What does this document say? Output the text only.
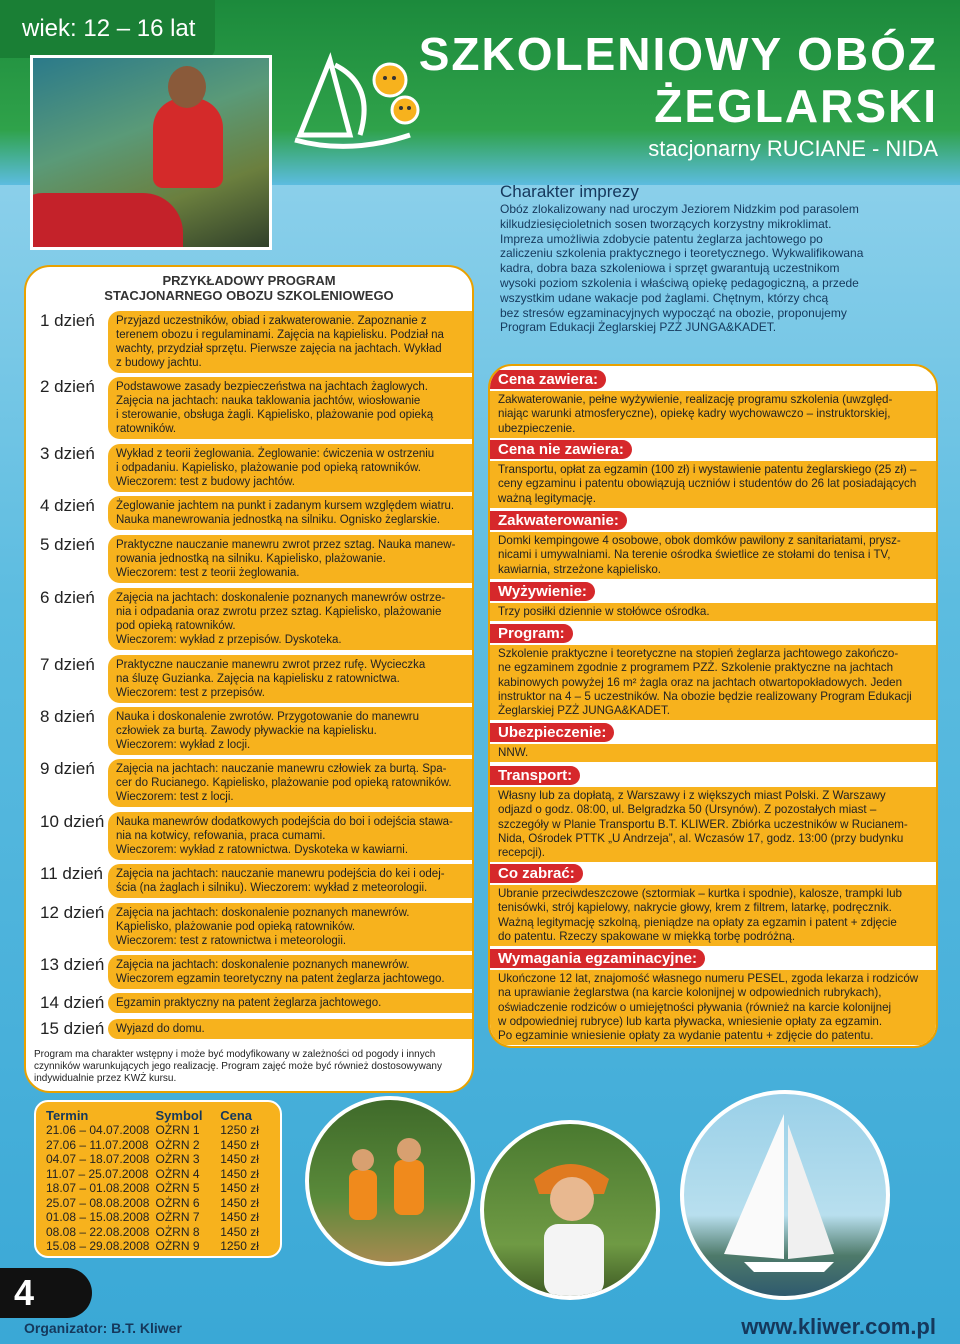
wiek: 12 – 16 lat	SZKOLENIOWY OBÓZ
ŻEGLARSKI
stacjonarny RUCIANE - NIDA
PRZYKŁADOWY PROGRAM
STACJONARNEGO OBOZU SZKOLENIOWEGO
1 dzień	Przyjazd uczestników, obiad i zakwaterowanie. Zapoznanie z
terenem obozu i regulaminami. Zajęcia na kąpielisku. Podział na
wachty, przydział sprzętu. Pierwsze zajęcia na jachtach. Wykład
z budowy jachtu.
2 dzień	Podstawowe zasady bezpieczeństwa na jachtach żaglowych.
Zajęcia na jachtach: nauka taklowania jachtów, wiosłowanie
i sterowanie, obsługa żagli. Kąpielisko, plażowanie pod opieką
ratowników.
3 dzień	Wykład z teorii żeglowania. Żeglowanie: ćwiczenia w ostrzeniu
i odpadaniu. Kąpielisko, plażowanie pod opieką ratowników.
Wieczorem: test z budowy jachtów.
4 dzień	Żeglowanie jachtem na punkt i zadanym kursem względem wiatru.
Nauka manewrowania jednostką na silniku. Ognisko żeglarskie.
5 dzień	Praktyczne nauczanie manewru zwrot przez sztag. Nauka manew-
rowania jednostką na silniku. Kąpielisko, plażowanie.
Wieczorem: test z teorii żeglowania.
6 dzień	Zajęcia na jachtach: doskonalenie poznanych manewrów ostrze-
nia i odpadania oraz zwrotu przez sztag. Kąpielisko, plażowanie
pod opieką ratowników.
Wieczorem: wykład z przepisów. Dyskoteka.
7 dzień	Praktyczne nauczanie manewru zwrot przez rufę. Wycieczka
na śluzę Guzianka. Zajęcia na kąpielisku z ratownictwa.
Wieczorem: test z przepisów.
8 dzień	Nauka i doskonalenie zwrotów. Przygotowanie do manewru
człowiek za burtą. Zawody pływackie na kąpielisku.
Wieczorem: wykład z locji.
9 dzień	Zajęcia na jachtach: nauczanie manewru człowiek za burtą. Spa-
cer do Rucianego. Kąpielisko, plażowanie pod opieką ratowników.
Wieczorem: test z locji.
10 dzień	Nauka manewrów dodatkowych podejścia do boi i odejścia stawa-
nia na kotwicy, refowania, praca cumami.
Wieczorem: wykład z ratownictwa. Dyskoteka w kawiarni.
11 dzień	Zajęcia na jachtach: nauczanie manewru podejścia do kei i odej-
ścia (na żaglach i silniku). Wieczorem: wykład z meteorologii.
12 dzień	Zajęcia na jachtach: doskonalenie poznanych manewrów.
Kąpielisko, plażowanie pod opieką ratowników.
Wieczorem: test z ratownictwa i meteorologii.
13 dzień	Zajęcia na jachtach: doskonalenie poznanych manewrów.
Wieczorem egzamin teoretyczny na patent żeglarza jachtowego.
14 dzień	Egzamin praktyczny na patent żeglarza jachtowego.
15 dzień	Wyjazd do domu.
Program ma charakter wstępny i może być modyfikowany w zależności od pogody i innych czynników warunkujących jego realizację. Program zajęć może być również dostosowywany indywidualnie przez KWŻ kursu.
Charakter imprezy
Obóz zlokalizowany nad uroczym Jeziorem Nidzkim pod parasolem
kilkudziesięcioletnich sosen tworzących korzystny mikroklimat.
Impreza umożliwia zdobycie patentu żeglarza jachtowego po
zaliczeniu szkolenia praktycznego i teoretycznego. Wykwalifikowana
kadra, dobra baza szkoleniowa i sprzęt gwarantują uczestnikom
wysoki poziom szkolenia i właściwą opiekę pedagogiczną, a przede
wszystkim udane wakacje pod żaglami. Chętnym, którzy chcą
bez stresów egzaminacyjnych wypocząć na obozie, proponujemy
Program Edukacji Żeglarskiej PZŻ JUNGA&KADET.
Cena zawiera:
Zakwaterowanie, pełne wyżywienie, realizację programu szkolenia (uwzględ-
niając warunki atmosferyczne), opiekę kadry wychowawczo – instruktorskiej,
ubezpieczenie.
Cena nie zawiera:
Transportu, opłat za egzamin (100 zł) i wystawienie patentu żeglarskiego (25 zł) –
ceny egzaminu i patentu obowiązują uczniów i studentów do 26 lat posiadających
ważną legitymację.
Zakwaterowanie:
Domki kempingowe 4 osobowe, obok domków pawilony z sanitariatami, prysz-
nicami i umywalniami. Na terenie ośrodka świetlice ze stołami do tenisa i TV,
kawiarnia, strzeżone kąpielisko.
Wyżywienie:
Trzy posiłki dziennie w stołówce ośrodka.
Program:
Szkolenie praktyczne i teoretyczne na stopień żeglarza jachtowego zakończo-
ne egzaminem zgodnie z programem PZŻ. Szkolenie praktyczne na jachtach
kabinowych powyżej 16 m² żagla oraz na jachtach otwartopokładowych. Jeden
instruktor na 4 – 5 uczestników. Na obozie będzie realizowany Program Edukacji
Żeglarskiej PZŻ JUNGA&KADET.
Ubezpieczenie:
NNW.
Transport:
Własny lub za dopłatą, z Warszawy i z większych miast Polski. Z Warszawy
odjazd o godz. 08:00, ul. Belgradzka 50 (Ursynów). Z pozostałych miast –
szczegóły w Planie Transportu B.T. KLIWER. Zbiórka uczestników w Rucianem-
Nida, Ośrodek PTTK „U Andrzeja”, al. Wczasów 17, godz. 13:00 (przy budynku
recepcji).
Co zabrać:
Ubranie przeciwdeszczowe (sztormiak – kurtka i spodnie), kalosze, trampki lub
tenisówki, strój kąpielowy, nakrycie głowy, krem z filtrem, latarkę, podręcznik.
Ważną legitymację szkolną, pieniądze na opłaty za egzamin i patent + zdjęcie
do patentu. Rzeczy spakowane w miękką torbę podróżną.
Wymagania egzaminacyjne:
Ukończone 12 lat, znajomość własnego numeru PESEL, zgoda lekarza i rodziców
na uprawianie żeglarstwa (na karcie kolonijnej w odpowiednich rubrykach),
oświadczenie rodziców o umiejętności pływania (również na karcie kolonijnej
w odpowiedniej rubryce) lub karta pływacka, wniesienie opłaty za egzamin.
Po egzaminie wniesienie opłaty za wydanie patentu + zdjęcie do patentu.
Termin	Symbol	Cena
21.06 – 04.07.2008 OŻRN 1	1250 zł
27.06 – 11.07.2008 OŻRN 2	1450 zł
04.07 – 18.07.2008 OŻRN 3	1450 zł
11.07 – 25.07.2008 OŻRN 4	1450 zł
18.07 – 01.08.2008 OŻRN 5	1450 zł
25.07 – 08.08.2008 OŻRN 6	1450 zł
01.08 – 15.08.2008 OŻRN 7	1450 zł
08.08 – 22.08.2008 OŻRN 8	1450 zł
15.08 – 29.08.2008 OŻRN 9	1250 zł
4
Organizator: B.T. Kliwer	www.kliwer.com.pl
